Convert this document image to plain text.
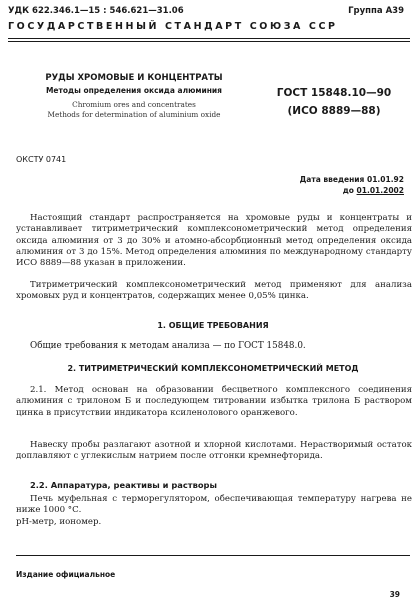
УДК 622.346.1—15 : 546.621—31.06	Группа А39
ГОСУДАРСТВЕННЫЙ СТАНДАРТ СОЮЗА ССР
РУДЫ ХРОМОВЫЕ И КОНЦЕНТРАТЫ
Методы определения оксида алюминия
Chromium ores and concentrates
Methods for determination of aluminium oxide
ГОСТ 15848.10—90
(ИСО 8889—88)
ОКСТУ 0741
Дата введения 01.01.92
до 01.01.2002

Настоящий стандарт распространяется на хромовые руды и концентраты и устанавливает титриметрический комплексонометрический метод определения оксида алюминия от 3 до 30% и атомно-абсорбционный метод определения оксида алюминия от 3 до 15%. Метод определения алюминия по международному стандарту ИСО 8889—88 указан в приложении.

Титриметрический комплексонометрический метод применяют для анализа хромовых руд и концентратов, содержащих менее 0,05% цинка.

1. ОБЩИЕ ТРЕБОВАНИЯ

Общие требования к методам анализа — по ГОСТ 15848.0.

2. ТИТРИМЕТРИЧЕСКИЙ КОМПЛЕКСОНОМЕТРИЧЕСКИЙ МЕТОД

2.1. Метод основан на образовании бесцветного комплексного соединения алюминия с трилоном Б и последующем титровании избытка трилона Б раствором цинка в присутствии индикатора ксиленолового оранжевого.

Навеску пробы разлагают азотной и хлорной кислотами. Нерастворимый остаток доплавляют с углекислым натрием после отгонки кремнефторида.

2.2. Аппаратура, реактивы и растворы

Печь муфельная с терморегулятором, обеспечивающая температуру нагрева не ниже 1000 °С.

pH-метр, иономер.

Издание официальное
39
